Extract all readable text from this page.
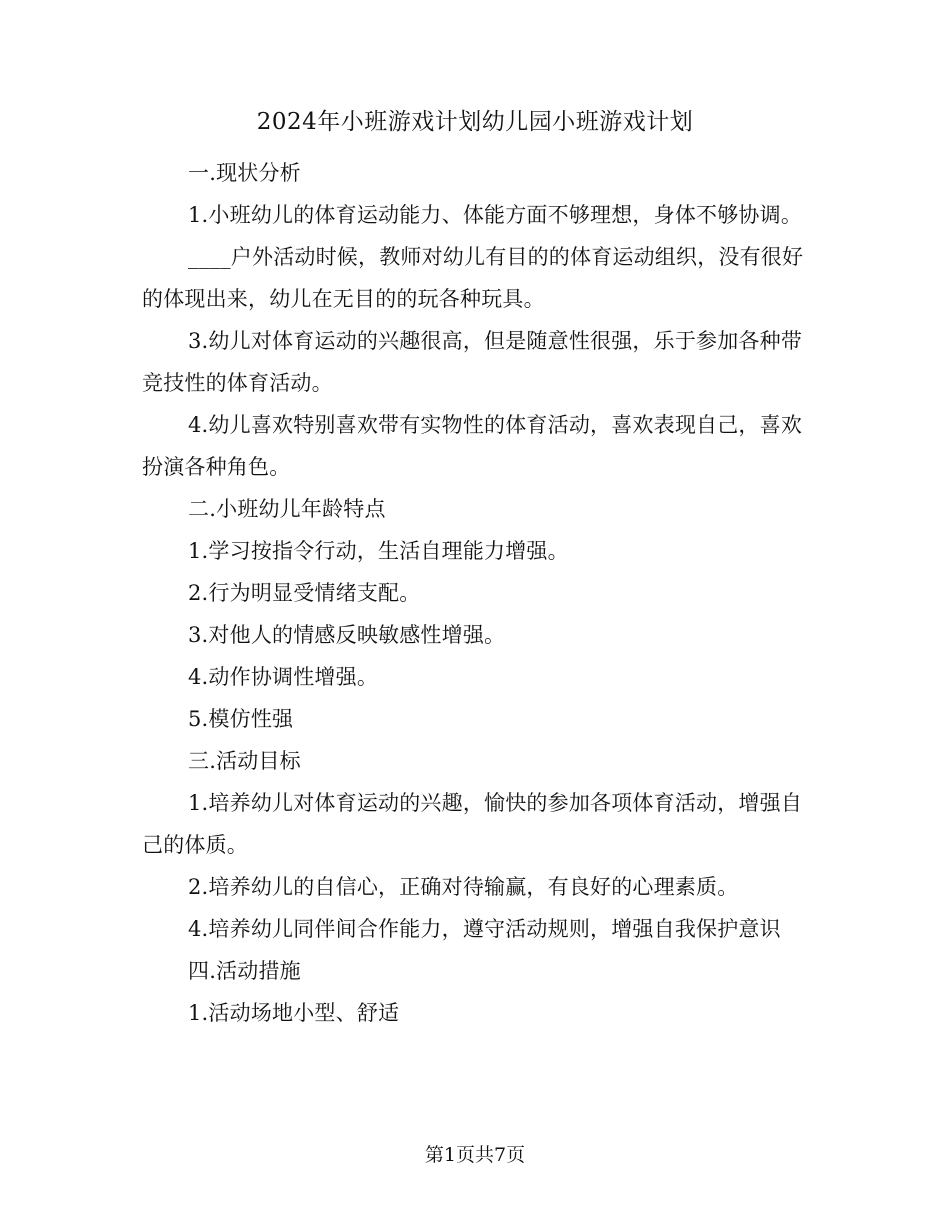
2024年小班游戏计划幼儿园小班游戏计划

一.现状分析

1.小班幼儿的体育运动能力、体能方面不够理想，身体不够协调。

____户外活动时候，教师对幼儿有目的的体育运动组织，没有很好的体现出来，幼儿在无目的的玩各种玩具。

3.幼儿对体育运动的兴趣很高，但是随意性很强，乐于参加各种带竞技性的体育活动。

4.幼儿喜欢特别喜欢带有实物性的体育活动，喜欢表现自己，喜欢扮演各种角色。

二.小班幼儿年龄特点

1.学习按指令行动，生活自理能力增强。

2.行为明显受情绪支配。

3.对他人的情感反映敏感性增强。

4.动作协调性增强。

5.模仿性强

三.活动目标

1.培养幼儿对体育运动的兴趣，愉快的参加各项体育活动，增强自己的体质。

2.培养幼儿的自信心，正确对待输赢，有良好的心理素质。

4.培养幼儿同伴间合作能力，遵守活动规则，增强自我保护意识

四.活动措施

1.活动场地小型、舒适

第1页共7页
